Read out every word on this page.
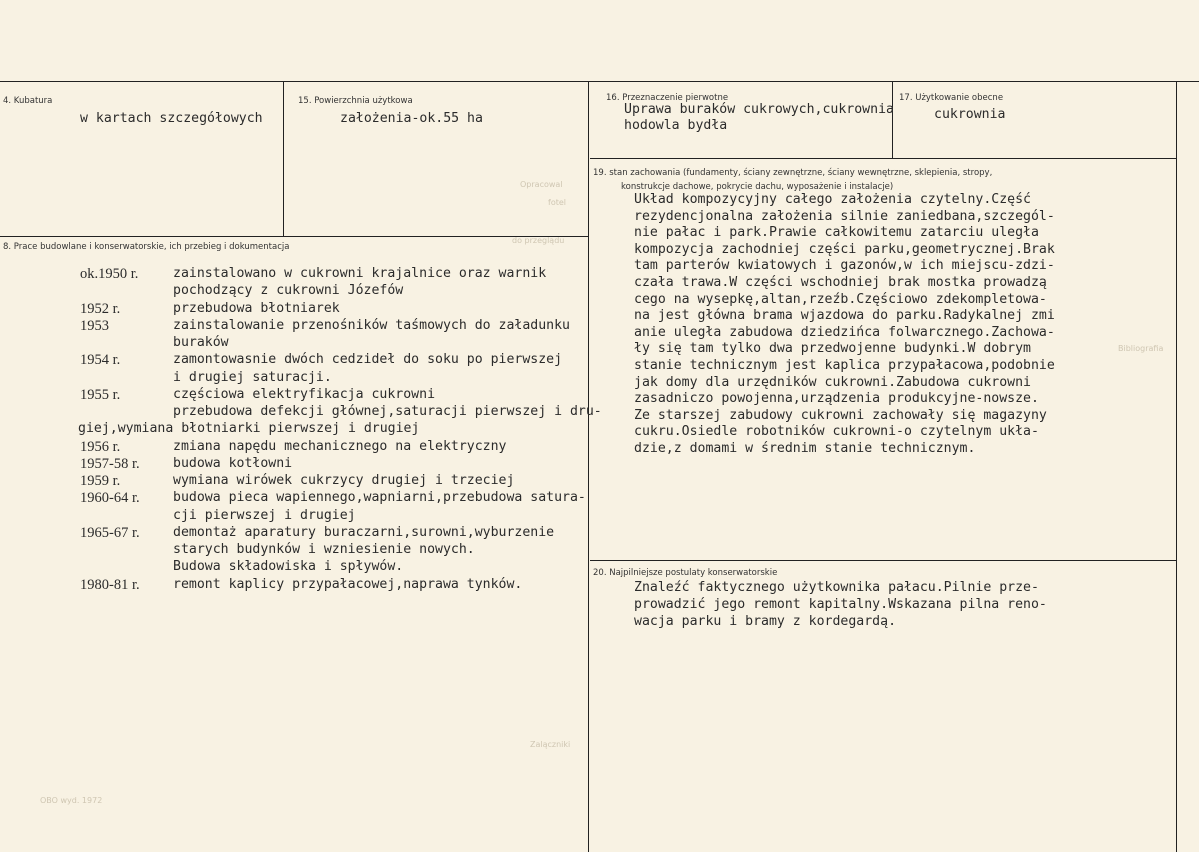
Opracowal
fotel
do przeglądu
Bibliografia
Zalączniki
OBO wyd. 1972
4. Kubatura
w kartach szczegółowych
15. Powierzchnia użytkowa
założenia-ok.55 ha
16. Przeznaczenie pierwotne
Uprawa buraków cukrowych,cukrownia
hodowla bydła
17. Użytkowanie obecne
cukrownia
8. Prace budowlane i konserwatorskie, ich przebieg i dokumentacja
ok.1950 r.	zainstalowano w cukrowni krajalnice oraz warnik
pochodzący z cukrowni Józefów
1952 r.	przebudowa błotniarek
1953	zainstalowanie przenośników taśmowych do załadunku
buraków
1954 r.	zamontowasnie dwóch cedzideł do soku po pierwszej
i drugiej saturacji.
1955 r.	częściowa elektryfikacja cukrowni
przebudowa defekcji głównej,saturacji pierwszej i dru-
giej,wymiana błotniarki pierwszej i drugiej
1956 r.	zmiana napędu mechanicznego na elektryczny
1957-58 r.	budowa kotłowni
1959 r.	wymiana wirówek cukrzycy drugiej i trzeciej
1960-64 r.	budowa pieca wapiennego,wapniarni,przebudowa satura-
cji pierwszej i drugiej
1965-67 r.	demontaż aparatury buraczarni,surowni,wyburzenie
starych budynków i wzniesienie nowych.
Budowa składowiska i spływów.
1980-81 r.	remont kaplicy przypałacowej,naprawa tynków.
19. stan zachowania (fundamenty, ściany zewnętrzne, ściany wewnętrzne, sklepienia, stropy,
konstrukcje dachowe, pokrycie dachu, wyposażenie i instalacje)
Układ kompozycyjny całego założenia czytelny.Część
rezydencjonalna założenia silnie zaniedbana,szczegól-
nie pałac i park.Prawie całkowitemu zatarciu uległa
kompozycja zachodniej części parku,geometrycznej.Brak
tam parterów kwiatowych i gazonów,w ich miejscu-zdzi-
czała trawa.W części wschodniej brak mostka prowadzą
cego na wysepkę,altan,rzeźb.Częściowo zdekompletowa-
na jest główna brama wjazdowa do parku.Radykalnej zmi
anie uległa zabudowa dziedzińca folwarcznego.Zachowa-
ły się tam tylko dwa przedwojenne budynki.W dobrym
stanie technicznym jest kaplica przypałacowa,podobnie
jak domy dla urzędników cukrowni.Zabudowa cukrowni
zasadniczo powojenna,urządzenia produkcyjne-nowsze.
Ze starszej zabudowy cukrowni zachowały się magazyny
cukru.Osiedle robotników cukrowni-o czytelnym ukła-
dzie,z domami w średnim stanie technicznym.
20. Najpilniejsze postulaty konserwatorskie
Znaleźć faktycznego użytkownika pałacu.Pilnie prze-
prowadzić jego remont kapitalny.Wskazana pilna reno-
wacja parku i bramy z kordegardą.
